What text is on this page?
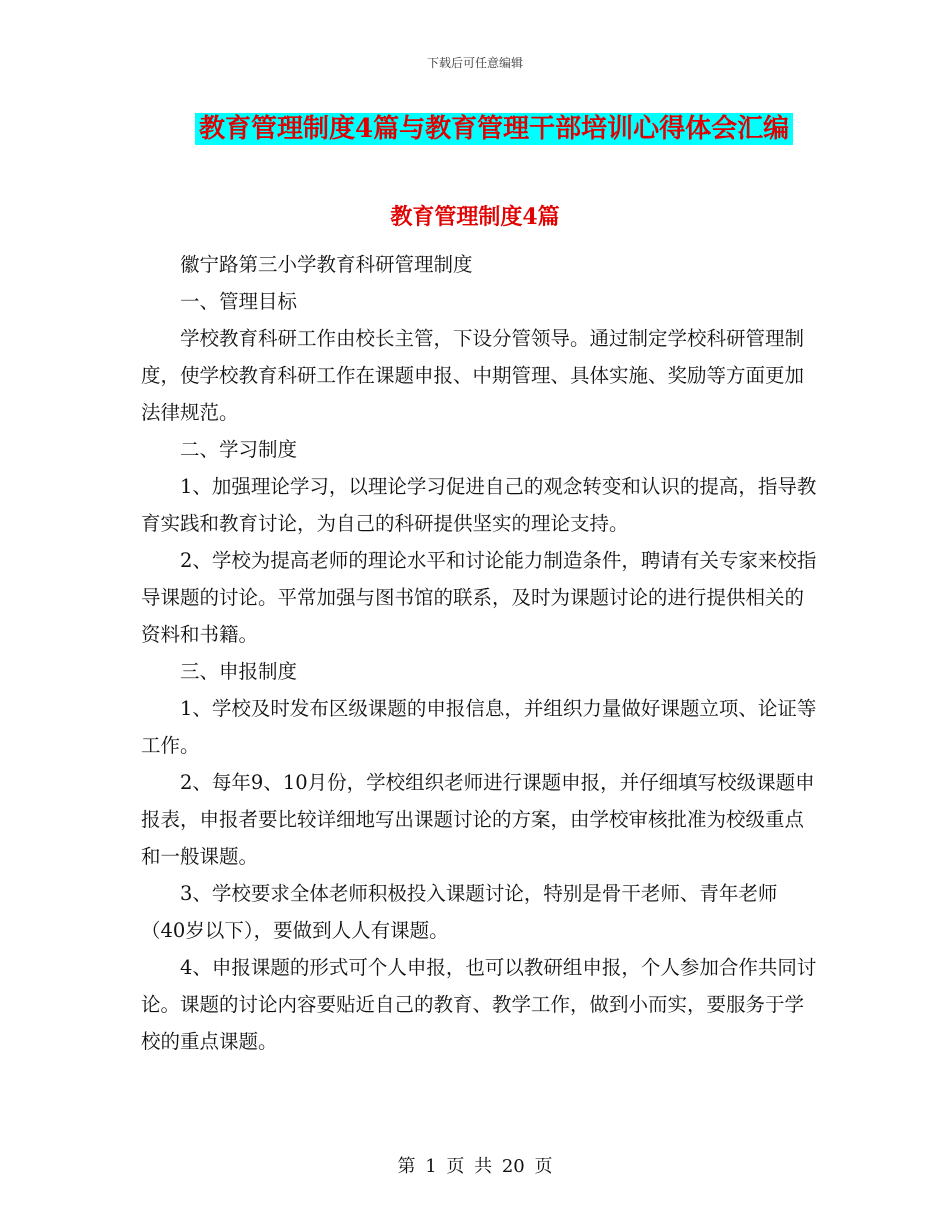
下载后可任意编辑
教育管理制度4篇与教育管理干部培训心得体会汇编
教育管理制度4篇

徽宁路第三小学教育科研管理制度

一、管理目标

学校教育科研工作由校长主管，下设分管领导。通过制定学校科研管理制度，使学校教育科研工作在课题申报、中期管理、具体实施、奖励等方面更加法律规范。

二、学习制度

1、加强理论学习，以理论学习促进自己的观念转变和认识的提高，指导教育实践和教育讨论，为自己的科研提供坚实的理论支持。

2、学校为提高老师的理论水平和讨论能力制造条件，聘请有关专家来校指导课题的讨论。平常加强与图书馆的联系，及时为课题讨论的进行提供相关的资料和书籍。

三、申报制度

1、学校及时发布区级课题的申报信息，并组织力量做好课题立项、论证等工作。

2、每年9、10月份，学校组织老师进行课题申报，并仔细填写校级课题申报表，申报者要比较详细地写出课题讨论的方案，由学校审核批准为校级重点和一般课题。

3、学校要求全体老师积极投入课题讨论，特别是骨干老师、青年老师（40岁以下），要做到人人有课题。

4、申报课题的形式可个人申报，也可以教研组申报，个人参加合作共同讨论。课题的讨论内容要贴近自己的教育、教学工作，做到小而实，要服务于学校的重点课题。

第 1 页 共 20 页
